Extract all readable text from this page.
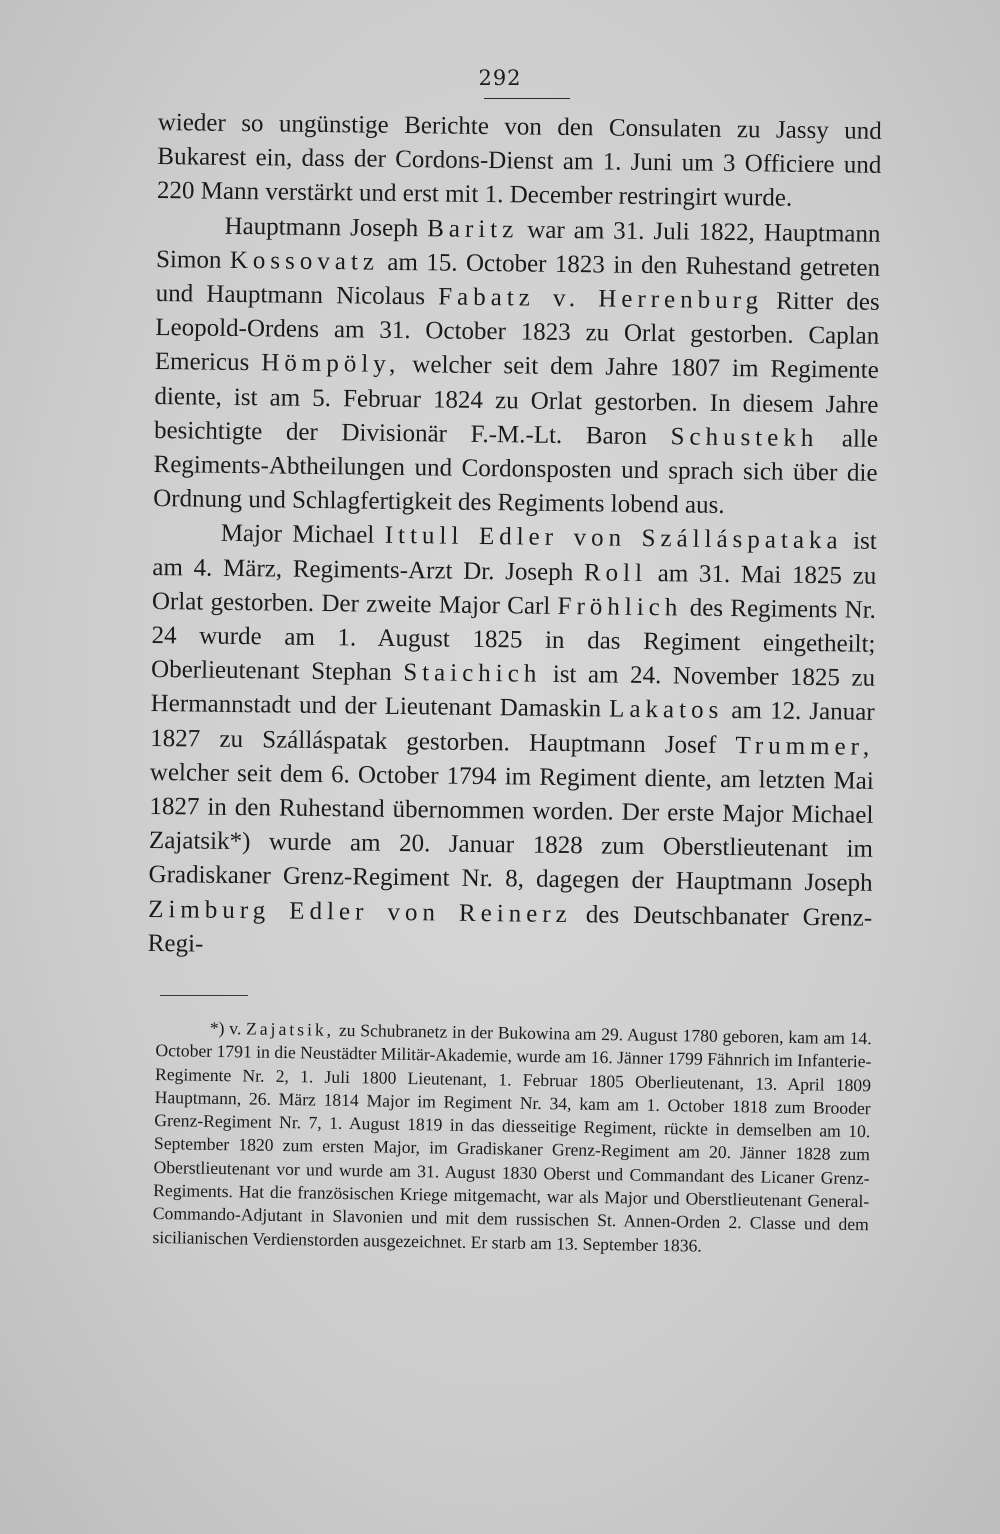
292

wieder so ungünstige Berichte von den Consulaten zu Jassy und Bukarest ein, dass der Cordons-Dienst am 1. Juni um 3 Officiere und 220 Mann verstärkt und erst mit 1. December restringirt wurde.

Hauptmann Joseph Baritz war am 31. Juli 1822, Hauptmann Simon Kossovatz am 15. October 1823 in den Ruhestand getreten und Hauptmann Nicolaus Fabatz v. Herrenburg Ritter des Leopold-Ordens am 31. October 1823 zu Orlat gestorben. Caplan Emericus Hömpöly, welcher seit dem Jahre 1807 im Regimente diente, ist am 5. Februar 1824 zu Orlat gestorben. In diesem Jahre besichtigte der Divisionär F.-M.-Lt. Baron Schustekh alle Regiments-Abtheilungen und Cordonsposten und sprach sich über die Ordnung und Schlagfertigkeit des Regiments lobend aus.

Major Michael Ittull Edler von Szálláspataka ist am 4. März, Regiments-Arzt Dr. Joseph Roll am 31. Mai 1825 zu Orlat gestorben. Der zweite Major Carl Fröhlich des Regiments Nr. 24 wurde am 1. August 1825 in das Regiment eingetheilt; Oberlieutenant Stephan Staichich ist am 24. November 1825 zu Hermannstadt und der Lieutenant Damaskin Lakatos am 12. Januar 1827 zu Szálláspatak gestorben. Hauptmann Josef Trummer, welcher seit dem 6. October 1794 im Regiment diente, am letzten Mai 1827 in den Ruhestand übernommen worden. Der erste Major Michael Zajatsik*) wurde am 20. Januar 1828 zum Oberstlieutenant im Gradiskaner Grenz-Regiment Nr. 8, dagegen der Hauptmann Joseph Zimburg Edler von Reinerz des Deutschbanater Grenz-Regi-

*) v. Zajatsik, zu Schubranetz in der Bukowina am 29. August 1780 geboren, kam am 14. October 1791 in die Neustädter Militär-Akademie, wurde am 16. Jänner 1799 Fähnrich im Infanterie-Regimente Nr. 2, 1. Juli 1800 Lieutenant, 1. Februar 1805 Oberlieutenant, 13. April 1809 Hauptmann, 26. März 1814 Major im Regiment Nr. 34, kam am 1. October 1818 zum Brooder Grenz-Regiment Nr. 7, 1. August 1819 in das diesseitige Regiment, rückte in demselben am 10. September 1820 zum ersten Major, im Gradiskaner Grenz-Regiment am 20. Jänner 1828 zum Oberstlieutenant vor und wurde am 31. August 1830 Oberst und Commandant des Licaner Grenz-Regiments. Hat die französischen Kriege mitgemacht, war als Major und Oberstlieutenant General-Commando-Adjutant in Slavonien und mit dem russischen St. Annen-Orden 2. Classe und dem sicilianischen Verdienstorden ausgezeichnet. Er starb am 13. September 1836.
